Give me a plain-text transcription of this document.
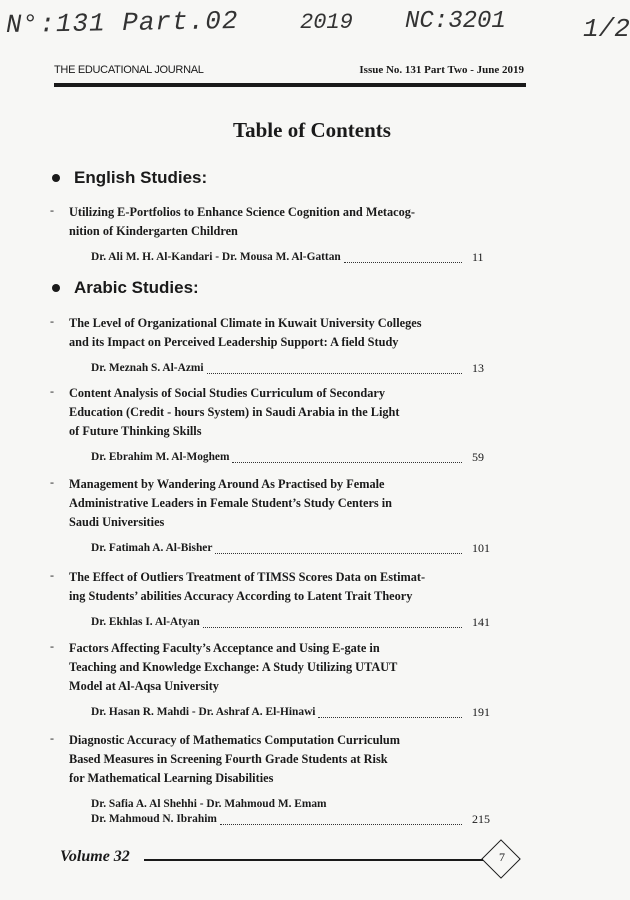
N°:131 Part.02	2019 NC:3201	1/2
THE EDUCATIONAL JOURNAL	Issue No. 131 Part Two - June 2019
Table of Contents
English Studies:
Arabic Studies:
- Utilizing E-Portfolios to Enhance Science Cognition and Metacog-
nition of Kindergarten Children
Dr. Ali M. H. Al-Kandari - Dr. Mousa M. Al-Gattan	11
- The Level of Organizational Climate in Kuwait University Colleges
and its Impact on Perceived Leadership Support: A field Study
Dr. Meznah S. Al-Azmi	13
- Content Analysis of Social Studies Curriculum of Secondary
Education (Credit - hours System) in Saudi Arabia in the Light
of Future Thinking Skills
Dr. Ebrahim M. Al-Moghem	59
- Management by Wandering Around As Practised by Female
Administrative Leaders in Female Student’s Study Centers in
Saudi Universities
Dr. Fatimah A. Al-Bisher	101
- The Effect of Outliers Treatment of TIMSS Scores Data on Estimat-
ing Students’ abilities Accuracy According to Latent Trait Theory
Dr. Ekhlas I. Al-Atyan	141
- Factors Affecting Faculty’s Acceptance and Using E-gate in
Teaching and Knowledge Exchange: A Study Utilizing UTAUT
Model at Al-Aqsa University
Dr. Hasan R. Mahdi - Dr. Ashraf A. El-Hinawi	191
- Diagnostic Accuracy of Mathematics Computation Curriculum
Based Measures in Screening Fourth Grade Students at Risk
for Mathematical Learning Disabilities
Dr. Safia A. Al Shehhi - Dr. Mahmoud M. Emam
Dr. Mahmoud N. Ibrahim	215
Volume 32	7
